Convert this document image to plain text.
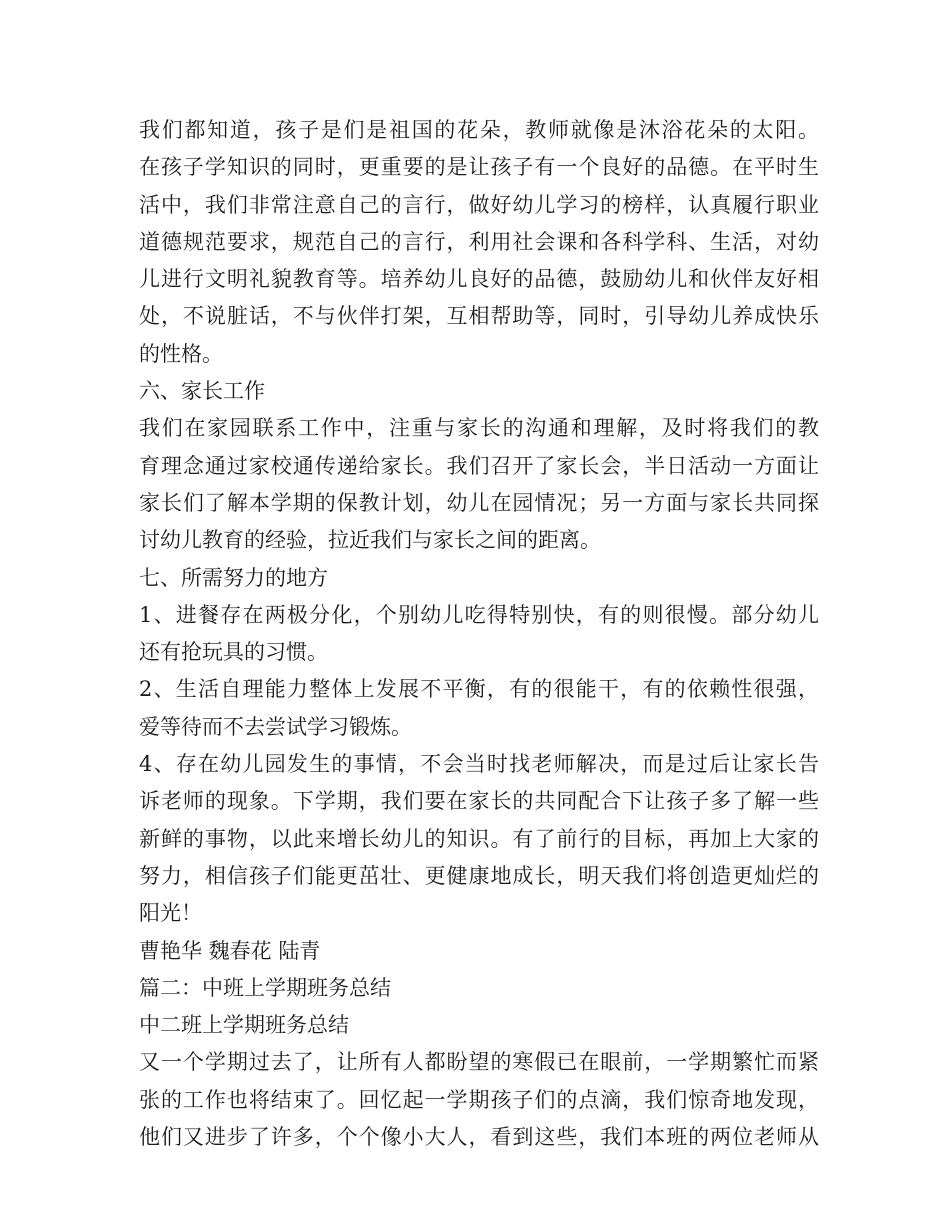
我们都知道，孩子是们是祖国的花朵，教师就像是沐浴花朵的太阳。
在孩子学知识的同时，更重要的是让孩子有一个良好的品德。在平时生
活中，我们非常注意自己的言行，做好幼儿学习的榜样，认真履行职业
道德规范要求，规范自己的言行，利用社会课和各科学科、生活，对幼
儿进行文明礼貌教育等。培养幼儿良好的品德，鼓励幼儿和伙伴友好相
处，不说脏话，不与伙伴打架，互相帮助等，同时，引导幼儿养成快乐
的性格。
六、家长工作
我们在家园联系工作中，注重与家长的沟通和理解，及时将我们的教
育理念通过家校通传递给家长。我们召开了家长会，半日活动一方面让
家长们了解本学期的保教计划，幼儿在园情况；另一方面与家长共同探
讨幼儿教育的经验，拉近我们与家长之间的距离。
七、所需努力的地方
1、进餐存在两极分化，个别幼儿吃得特别快，有的则很慢。部分幼儿
还有抢玩具的习惯。
2、生活自理能力整体上发展不平衡，有的很能干，有的依赖性很强，
爱等待而不去尝试学习锻炼。
4、存在幼儿园发生的事情，不会当时找老师解决，而是过后让家长告
诉老师的现象。下学期，我们要在家长的共同配合下让孩子多了解一些
新鲜的事物，以此来增长幼儿的知识。有了前行的目标，再加上大家的
努力，相信孩子们能更茁壮、更健康地成长，明天我们将创造更灿烂的
阳光！
曹艳华 魏春花 陆青
篇二：中班上学期班务总结
中二班上学期班务总结
又一个学期过去了，让所有人都盼望的寒假已在眼前，一学期繁忙而紧
张的工作也将结束了。回忆起一学期孩子们的点滴，我们惊奇地发现，
他们又进步了许多，个个像小大人，看到这些，我们本班的两位老师从
